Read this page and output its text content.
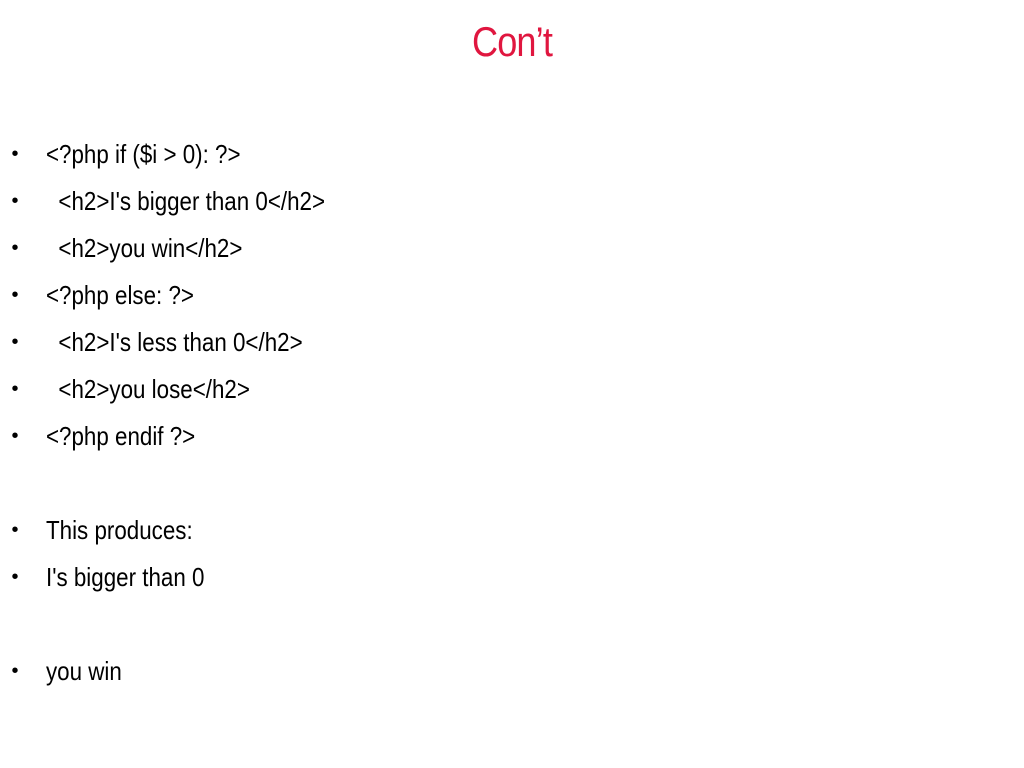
Con’t
• <?php if ($i > 0): ?>
• <h2>I's bigger than 0</h2>
• <h2>you win</h2>
• <?php else: ?>
• <h2>I's less than 0</h2>
• <h2>you lose</h2>
• <?php endif ?>
• This produces:
• I's bigger than 0
• you win
